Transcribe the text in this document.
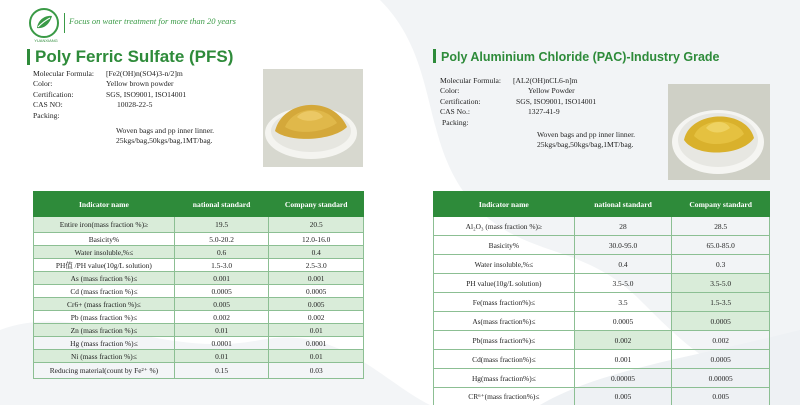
YUANXIANG
Focus on water treatment for more than 20 years
Poly Ferric Sulfate (PFS)
Molecular Formula:	[Fe2(OH)n(SO4)3-n/2]m
Color:	Yellow brown powder
Certification:	SGS, ISO9001, ISO14001
CAS NO:	10028-22-5
Packing:
Woven bags and pp inner linner.
25kgs/bag,50kgs/bag,1MT/bag.
Indicator name	national standard	Company standard
Entire iron(mass fraction %)≥	19.5	20.5
Basicity%	5.0-20.2	12.0-16.0
Water insoluble,%≤	0.6	0.4
PH值 /PH value(10g/L solution)	1.5-3.0	2.5-3.0
As (mass fraction %)≤	0.001	0.001
Cd (mass fraction %)≤	0.0005	0.0005
Cr6+ (mass fraction %)≤	0.005	0.005
Pb (mass fraction %)≤	0.002	0.002
Zn (mass fraction %)≤	0.01	0.01
Hg (mass fraction %)≤	0.0001	0.0001
Ni (mass fraction %)≤	0.01	0.01
Reducing material(count by Fe²⁺ %)	0.15	0.03
Poly Aluminium Chloride (PAC)-Industry Grade
Molecular Formula:	[AL2(OH)nCL6-n]m
Color:	Yellow Powder
Certification:	SGS, ISO9001, ISO14001
CAS No.:	1327-41-9
Packing:
Woven bags and pp inner linner.
25kgs/bag,50kgs/bag,1MT/bag.
Indicator name	national standard	Company standard
Al₂O₃ (mass fraction %)≥	28	28.5
Basicity%	30.0-95.0	65.0-85.0
Water insoluble,%≤	0.4	0.3
PH value(10g/L solution)	3.5-5.0	3.5-5.0
Fe(mass fraction%)≤	3.5	1.5-3.5
As(mass fraction%)≤	0.0005	0.0005
Pb(mass fraction%)≤	0.002	0.002
Cd(mass fraction%)≤	0.001	0.0005
Hg(mass fraction%)≤	0.00005	0.00005
CR⁶⁺(mass fraction%)≤	0.005	0.005
